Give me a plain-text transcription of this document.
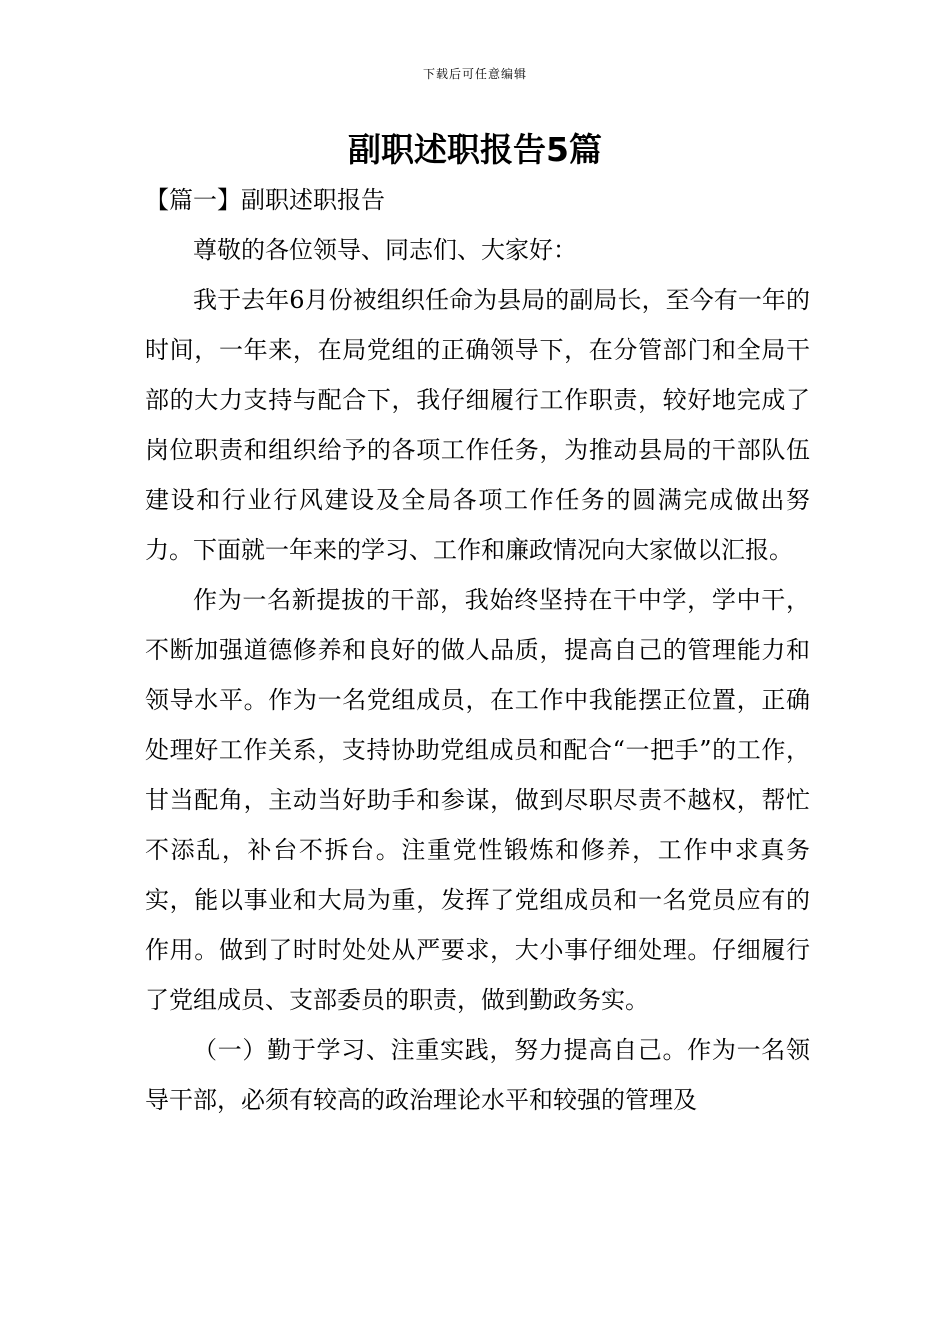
下载后可任意编辑
副职述职报告5篇
【篇一】副职述职报告

尊敬的各位领导、同志们、大家好：

我于去年6月份被组织任命为县局的副局长，至今有一年的时间，一年来，在局党组的正确领导下，在分管部门和全局干部的大力支持与配合下，我仔细履行工作职责，较好地完成了岗位职责和组织给予的各项工作任务，为推动县局的干部队伍建设和行业行风建设及全局各项工作任务的圆满完成做出努力。下面就一年来的学习、工作和廉政情况向大家做以汇报。

作为一名新提拔的干部，我始终坚持在干中学，学中干，不断加强道德修养和良好的做人品质，提高自己的管理能力和领导水平。作为一名党组成员，在工作中我能摆正位置，正确处理好工作关系，支持协助党组成员和配合“一把手”的工作，甘当配角，主动当好助手和参谋，做到尽职尽责不越权，帮忙不添乱，补台不拆台。注重党性锻炼和修养，工作中求真务实，能以事业和大局为重，发挥了党组成员和一名党员应有的作用。做到了时时处处从严要求，大小事仔细处理。仔细履行了党组成员、支部委员的职责，做到勤政务实。

（一）勤于学习、注重实践，努力提高自己。作为一名领导干部，必须有较高的政治理论水平和较强的管理及
